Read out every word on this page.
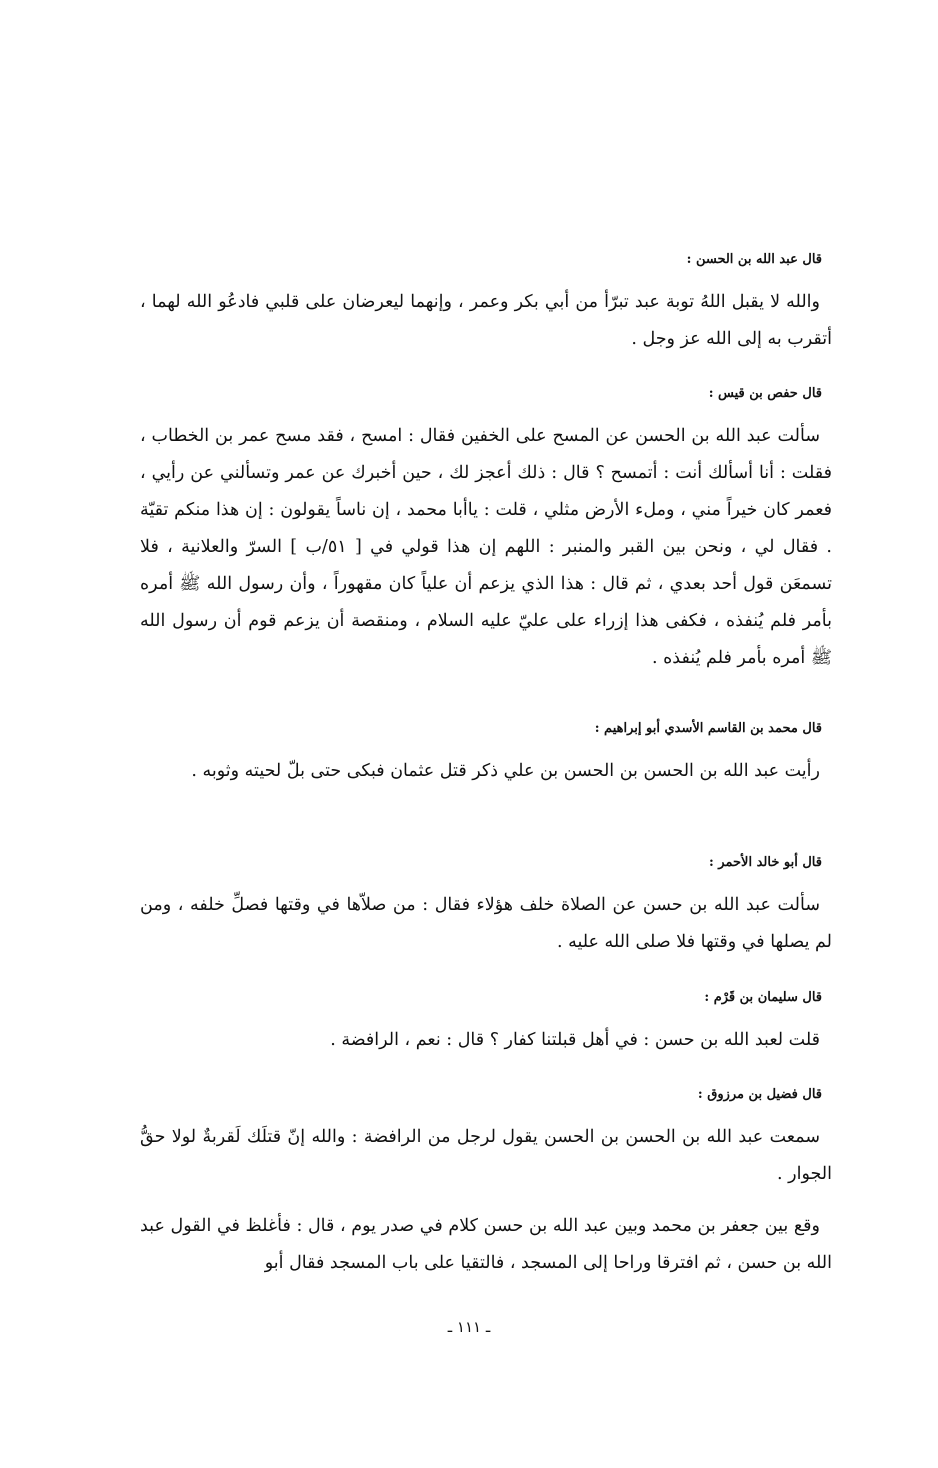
قال عبد الله بن الحسن :
والله لا يقبل اللهُ توبة عبد تبرّأ من أبي بكر وعمر ، وإنهما ليعرضان على قلبي فادعُو الله لهما ، أتقرب به إلى الله عز وجل .
قال حفص بن قيس :
سألت عبد الله بن الحسن عن المسح على الخفين فقال : امسح ، فقد مسح عمر بن الخطاب ، فقلت : أنا أسألك أنت : أتمسح ؟ قال : ذلك أعجز لك ، حين أخبرك عن عمر وتسألني عن رأيي ، فعمر كان خيراً مني ، وملء الأرض مثلي ، قلت : ياأبا محمد ، إن ناساً يقولون : إن هذا منكم تقيّة . فقال لي ، ونحن بين القبر والمنبر : اللهم إن هذا قولي في [ ٥١/ب ] السرّ والعلانية ، فلا تسمعَن قول أحد بعدي ، ثم قال : هذا الذي يزعم أن علياً كان مقهوراً ، وأن رسول الله ﷺ أمره بأمر فلم يُنفذه ، فكفى هذا إزراء على عليّ عليه السلام ، ومنقصة أن يزعم قوم أن رسول الله ﷺ أمره بأمر فلم يُنفذه .
قال محمد بن القاسم الأسدي أبو إبراهيم :
رأيت عبد الله بن الحسن بن الحسن بن علي ذكر قتل عثمان فبكى حتى بلّ لحيته وثوبه .
قال أبو خالد الأحمر :
سألت عبد الله بن حسن عن الصلاة خلف هؤلاء فقال : من صلاّها في وقتها فصلِّ خلفه ، ومن لم يصلها في وقتها فلا صلى الله عليه .
قال سليمان بن قَرْم :
قلت لعبد الله بن حسن : في أهل قبلتنا كفار ؟ قال : نعم ، الرافضة .
قال فضيل بن مرزوق :
سمعت عبد الله بن الحسن بن الحسن يقول لرجل من الرافضة : والله إنّ قتلَك لَقربةٌ لولا حقُّ الجوار .
وقع بين جعفر بن محمد وبين عبد الله بن حسن كلام في صدر يوم ، قال : فأغلظ في القول عبد الله بن حسن ، ثم افترقا وراحا إلى المسجد ، فالتقيا على باب المسجد فقال أبو
ـ ١١١ ـ
